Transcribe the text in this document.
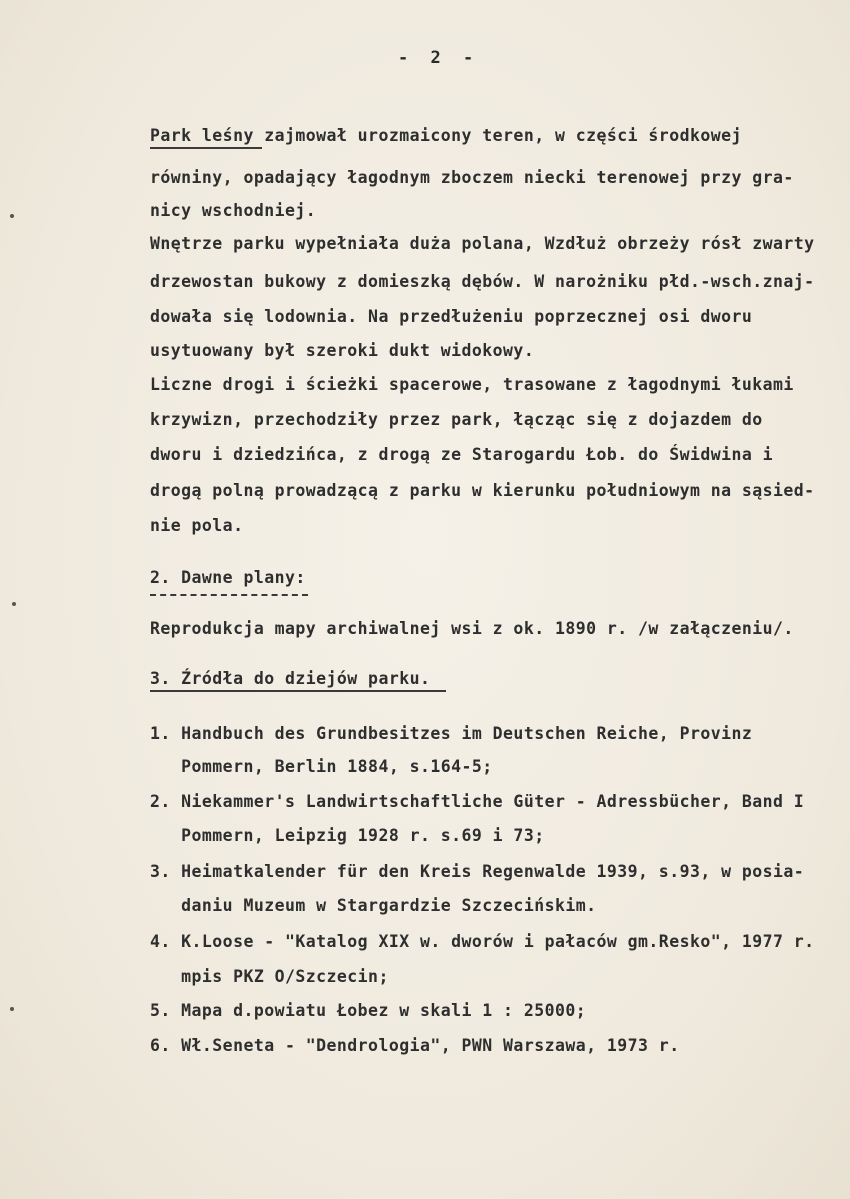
- 2 -
Park leśny zajmował urozmaicony teren, w części środkowej
równiny, opadający łagodnym zboczem niecki terenowej przy gra-
nicy wschodniej.
Wnętrze parku wypełniała duża polana, Wzdłuż obrzeży rósł zwarty
drzewostan bukowy z domieszką dębów. W narożniku płd.-wsch.znaj-
dowała się lodownia. Na przedłużeniu poprzecznej osi dworu
usytuowany był szeroki dukt widokowy.
Liczne drogi i ścieżki spacerowe, trasowane z łagodnymi łukami
krzywizn, przechodziły przez park, łącząc się z dojazdem do
dworu i dziedzińca, z drogą ze Starogardu Łob. do Świdwina i
drogą polną prowadzącą z parku w kierunku południowym na sąsied-
nie pola.
2. Dawne plany:
Reprodukcja mapy archiwalnej wsi z ok. 1890 r. /w załączeniu/.
3. Źródła do dziejów parku.
1. Handbuch des Grundbesitzes im Deutschen Reiche, Provinz
Pommern, Berlin 1884, s.164-5;
2. Niekammer's Landwirtschaftliche Güter - Adressbücher, Band I
Pommern, Leipzig 1928 r. s.69 i 73;
3. Heimatkalender für den Kreis Regenwalde 1939, s.93, w posia-
daniu Muzeum w Stargardzie Szczecińskim.
4. K.Loose - "Katalog XIX w. dworów i pałaców gm.Resko", 1977 r.
mpis PKZ O/Szczecin;
5. Mapa d.powiatu Łobez w skali 1 : 25000;
6. Wł.Seneta - "Dendrologia", PWN Warszawa, 1973 r.
